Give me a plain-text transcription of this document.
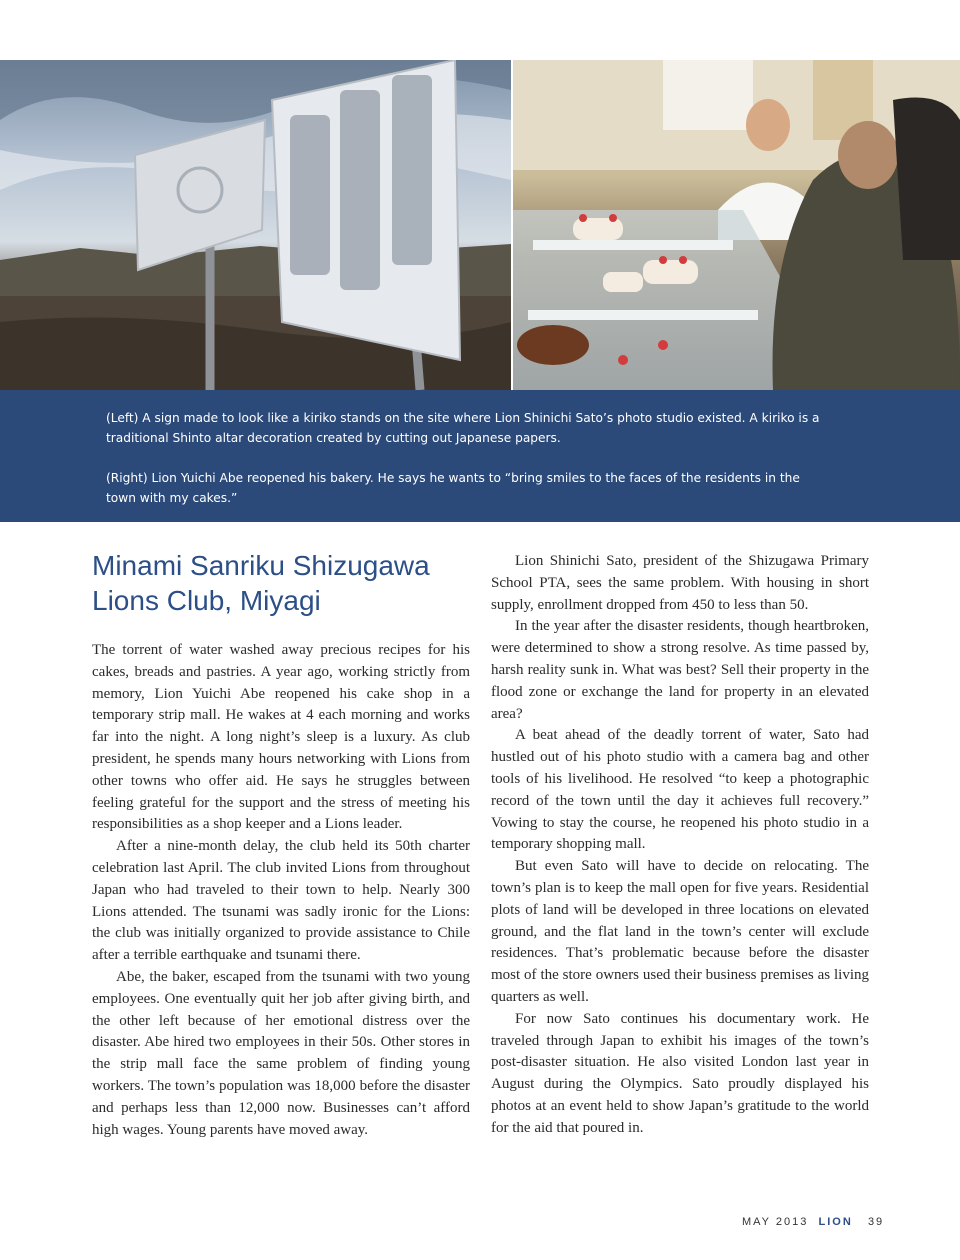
(Left) A sign made to look like a kiriko stands on the site where Lion Shinichi Sato’s photo studio existed. A kiriko is a traditional Shinto altar decoration created by cutting out Japanese papers.

(Right) Lion Yuichi Abe reopened his bakery. He says he wants to “bring smiles to the faces of the residents in the town with my cakes.”

Minami Sanriku Shizugawa Lions Club, Miyagi

The torrent of water washed away precious recipes for his cakes, breads and pastries. A year ago, working strictly from memory, Lion Yuichi Abe reopened his cake shop in a temporary strip mall. He wakes at 4 each morning and works far into the night. A long night’s sleep is a luxury. As club president, he spends many hours networking with Lions from other towns who offer aid. He says he struggles between feeling grateful for the support and the stress of meeting his responsibilities as a shop keeper and a Lions leader.

After a nine-month delay, the club held its 50th charter celebration last April. The club invited Lions from throughout Japan who had traveled to their town to help. Nearly 300 Lions attended. The tsunami was sadly ironic for the Lions: the club was initially organized to provide assistance to Chile after a terrible earthquake and tsunami there.

Abe, the baker, escaped from the tsunami with two young employees. One eventually quit her job after giving birth, and the other left because of her emotional distress over the disaster. Abe hired two employees in their 50s. Other stores in the strip mall face the same problem of finding young workers. The town’s population was 18,000 before the disaster and perhaps less than 12,000 now. Businesses can’t afford high wages. Young parents have moved away.

Lion Shinichi Sato, president of the Shizugawa Primary School PTA, sees the same problem. With housing in short supply, enrollment dropped from 450 to less than 50.

In the year after the disaster residents, though heartbroken, were determined to show a strong resolve. As time passed by, harsh reality sunk in. What was best? Sell their property in the flood zone or exchange the land for property in an elevated area?

A beat ahead of the deadly torrent of water, Sato had hustled out of his photo studio with a camera bag and other tools of his livelihood. He resolved “to keep a photographic record of the town until the day it achieves full recovery.” Vowing to stay the course, he reopened his photo studio in a temporary shopping mall.

But even Sato will have to decide on relocating. The town’s plan is to keep the mall open for five years. Residential plots of land will be developed in three locations on elevated ground, and the flat land in the town’s center will exclude residences. That’s problematic because before the disaster most of the store owners used their business premises as living quarters as well.

For now Sato continues his documentary work. He traveled through Japan to exhibit his images of the town’s post-disaster situation. He also visited London last year in August during the Olympics. Sato proudly displayed his photos at an event held to show Japan’s gratitude to the world for the aid that poured in.

MAY 2013 LION 39
